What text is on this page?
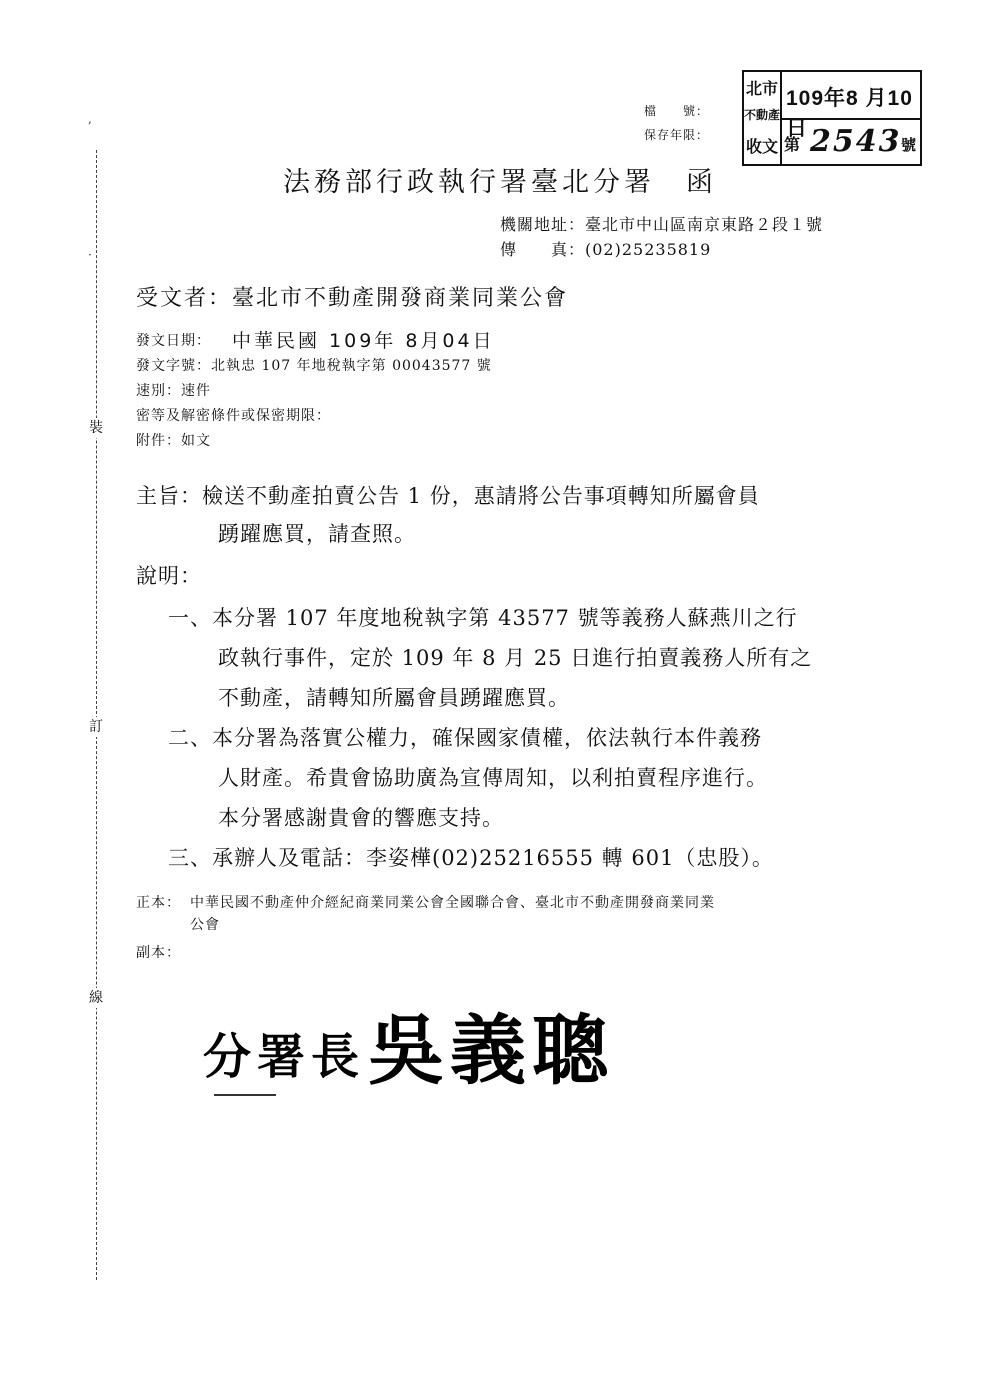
,
·
裝
訂
線
檔　　號：
保存年限：
北市
不動產
收文
109年8 月10日
第 2543 號
法務部行政執行署臺北分署　函
機關地址：臺北市中山區南京東路２段１號
傳　　真：(02)25235819
受文者：臺北市不動產開發商業同業公會
發文日期： 中華民國 109年 8月04日
發文字號：北執忠 107 年地稅執字第 00043577 號
速別：速件
密等及解密條件或保密期限：
附件：如文
主旨：檢送不動產拍賣公告 1 份，惠請將公告事項轉知所屬會員
踴躍應買，請查照。
說明：
一、本分署 107 年度地稅執字第 43577 號等義務人蘇燕川之行
政執行事件，定於 109 年 8 月 25 日進行拍賣義務人所有之
不動產，請轉知所屬會員踴躍應買。
二、本分署為落實公權力，確保國家債權，依法執行本件義務
人財產。希貴會協助廣為宣傳周知，以利拍賣程序進行。
本分署感謝貴會的響應支持。
三、承辦人及電話：李姿樺(02)25216555 轉 601（忠股）。
正本： 中華民國不動產仲介經紀商業同業公會全國聯合會、臺北市不動產開發商業同業
公會
副本：
分署長 吳義聰
